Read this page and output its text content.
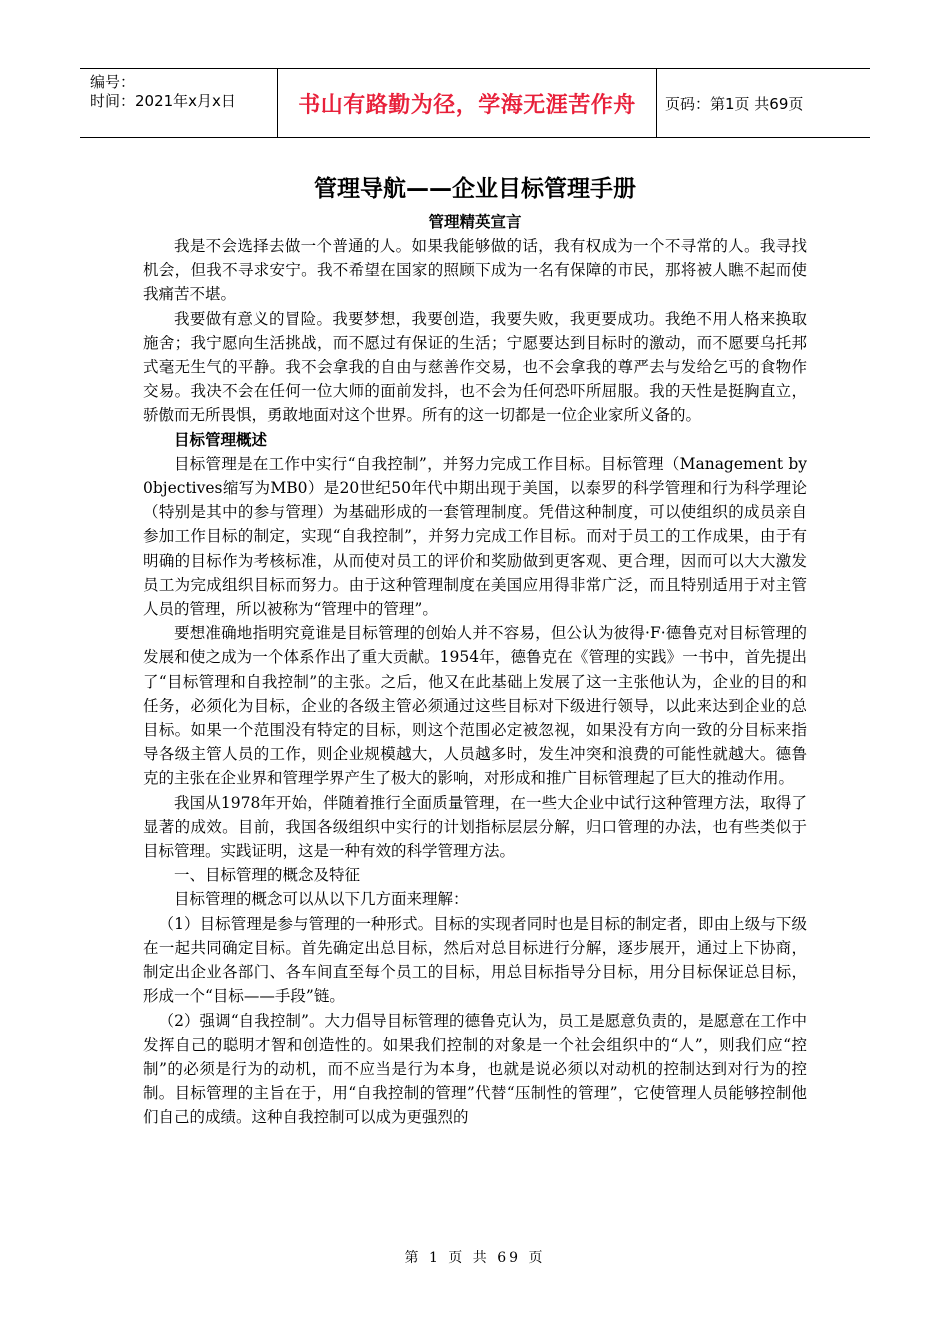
编号：
时间：2021年x月x日	书山有路勤为径，学海无涯苦作舟	页码：第1页 共69页
管理导航——企业目标管理手册
管理精英宣言

我是不会选择去做一个普通的人。如果我能够做的话，我有权成为一个不寻常的人。我寻找机会，但我不寻求安宁。我不希望在国家的照顾下成为一名有保障的市民，那将被人瞧不起而使我痛苦不堪。

我要做有意义的冒险。我要梦想，我要创造，我要失败，我更要成功。我绝不用人格来换取施舍；我宁愿向生活挑战，而不愿过有保证的生活；宁愿要达到目标时的激动，而不愿要乌托邦式毫无生气的平静。我不会拿我的自由与慈善作交易，也不会拿我的尊严去与发给乞丐的食物作交易。我决不会在任何一位大师的面前发抖，也不会为任何恐吓所屈服。我的天性是挺胸直立，骄傲而无所畏惧，勇敢地面对这个世界。所有的这一切都是一位企业家所义备的。

目标管理概述

目标管理是在工作中实行“自我控制”，并努力完成工作目标。目标管理（Management by 0bjectives缩写为MB0）是20世纪50年代中期出现于美国，以泰罗的科学管理和行为科学理论（特别是其中的参与管理）为基础形成的一套管理制度。凭借这种制度，可以使组织的成员亲自参加工作目标的制定，实现“自我控制”，并努力完成工作目标。而对于员工的工作成果，由于有明确的目标作为考核标准，从而使对员工的评价和奖励做到更客观、更合理，因而可以大大激发员工为完成组织目标而努力。由于这种管理制度在美国应用得非常广泛，而且特别适用于对主管人员的管理，所以被称为“管理中的管理”。

要想准确地指明究竟谁是目标管理的创始人并不容易，但公认为彼得·F·德鲁克对目标管理的发展和使之成为一个体系作出了重大贡献。1954年，德鲁克在《管理的实践》一书中，首先提出了“目标管理和自我控制”的主张。之后，他又在此基础上发展了这一主张他认为，企业的目的和任务，必须化为目标，企业的各级主管必须通过这些目标对下级进行领导，以此来达到企业的总目标。如果一个范围没有特定的目标，则这个范围必定被忽视，如果没有方向一致的分目标来指导各级主管人员的工作，则企业规模越大，人员越多时，发生冲突和浪费的可能性就越大。德鲁克的主张在企业界和管理学界产生了极大的影响，对形成和推广目标管理起了巨大的推动作用。

我国从1978年开始，伴随着推行全面质量管理，在一些大企业中试行这种管理方法，取得了显著的成效。目前，我国各级组织中实行的计划指标层层分解，归口管理的办法，也有些类似于目标管理。实践证明，这是一种有效的科学管理方法。

一、目标管理的概念及特征

目标管理的概念可以从以下几方面来理解：

（1）目标管理是参与管理的一种形式。目标的实现者同时也是目标的制定者，即由上级与下级在一起共同确定目标。首先确定出总目标，然后对总目标进行分解，逐步展开，通过上下协商，制定出企业各部门、各车间直至每个员工的目标，用总目标指导分目标，用分目标保证总目标，形成一个“目标——手段”链。

（2）强调“自我控制”。大力倡导目标管理的德鲁克认为，员工是愿意负责的，是愿意在工作中发挥自己的聪明才智和创造性的。如果我们控制的对象是一个社会组织中的“人”，则我们应“控制”的必须是行为的动机，而不应当是行为本身，也就是说必须以对动机的控制达到对行为的控制。目标管理的主旨在于，用“自我控制的管理”代替“压制性的管理”，它使管理人员能够控制他们自己的成绩。这种自我控制可以成为更强烈的

第 1 页 共 69 页
